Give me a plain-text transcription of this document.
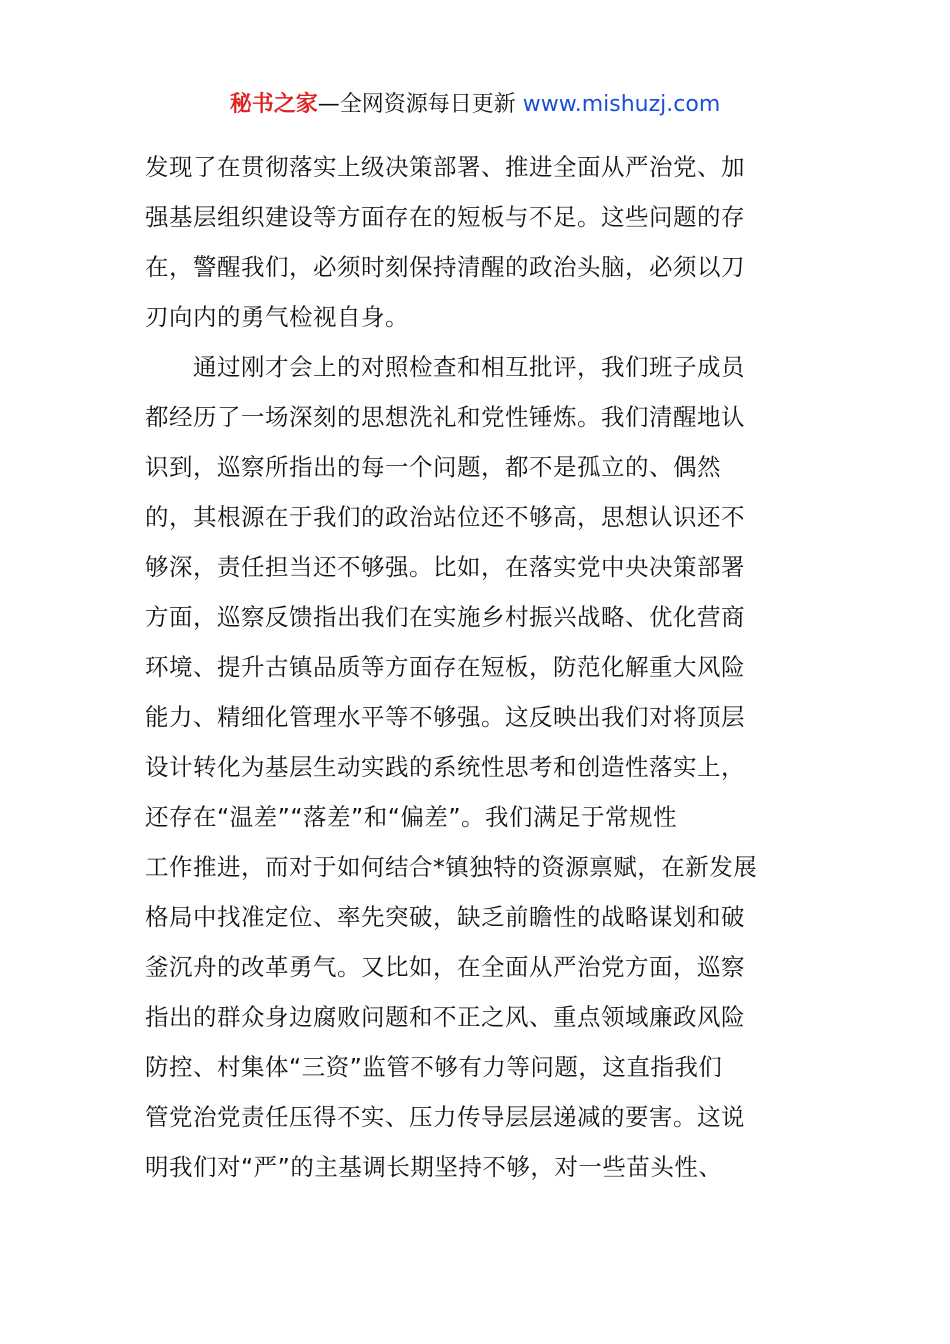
秘书之家—全网资源每日更新 www.mishuzj.com
发现了在贯彻落实上级决策部署、推进全面从严治党、加
强基层组织建设等方面存在的短板与不足。这些问题的存
在，警醒我们，必须时刻保持清醒的政治头脑，必须以刀
刃向内的勇气检视自身。
　　通过刚才会上的对照检查和相互批评，我们班子成员
都经历了一场深刻的思想洗礼和党性锤炼。我们清醒地认
识到，巡察所指出的每一个问题，都不是孤立的、偶然
的，其根源在于我们的政治站位还不够高，思想认识还不
够深，责任担当还不够强。比如，在落实党中央决策部署
方面，巡察反馈指出我们在实施乡村振兴战略、优化营商
环境、提升古镇品质等方面存在短板，防范化解重大风险
能力、精细化管理水平等不够强。这反映出我们对将顶层
设计转化为基层生动实践的系统性思考和创造性落实上，
还存在“温差”“落差”和“偏差”。我们满足于常规性
工作推进，而对于如何结合*镇独特的资源禀赋，在新发展
格局中找准定位、率先突破，缺乏前瞻性的战略谋划和破
釜沉舟的改革勇气。又比如，在全面从严治党方面，巡察
指出的群众身边腐败问题和不正之风、重点领域廉政风险
防控、村集体“三资”监管不够有力等问题，这直指我们
管党治党责任压得不实、压力传导层层递减的要害。这说
明我们对“严”的主基调长期坚持不够，对一些苗头性、
